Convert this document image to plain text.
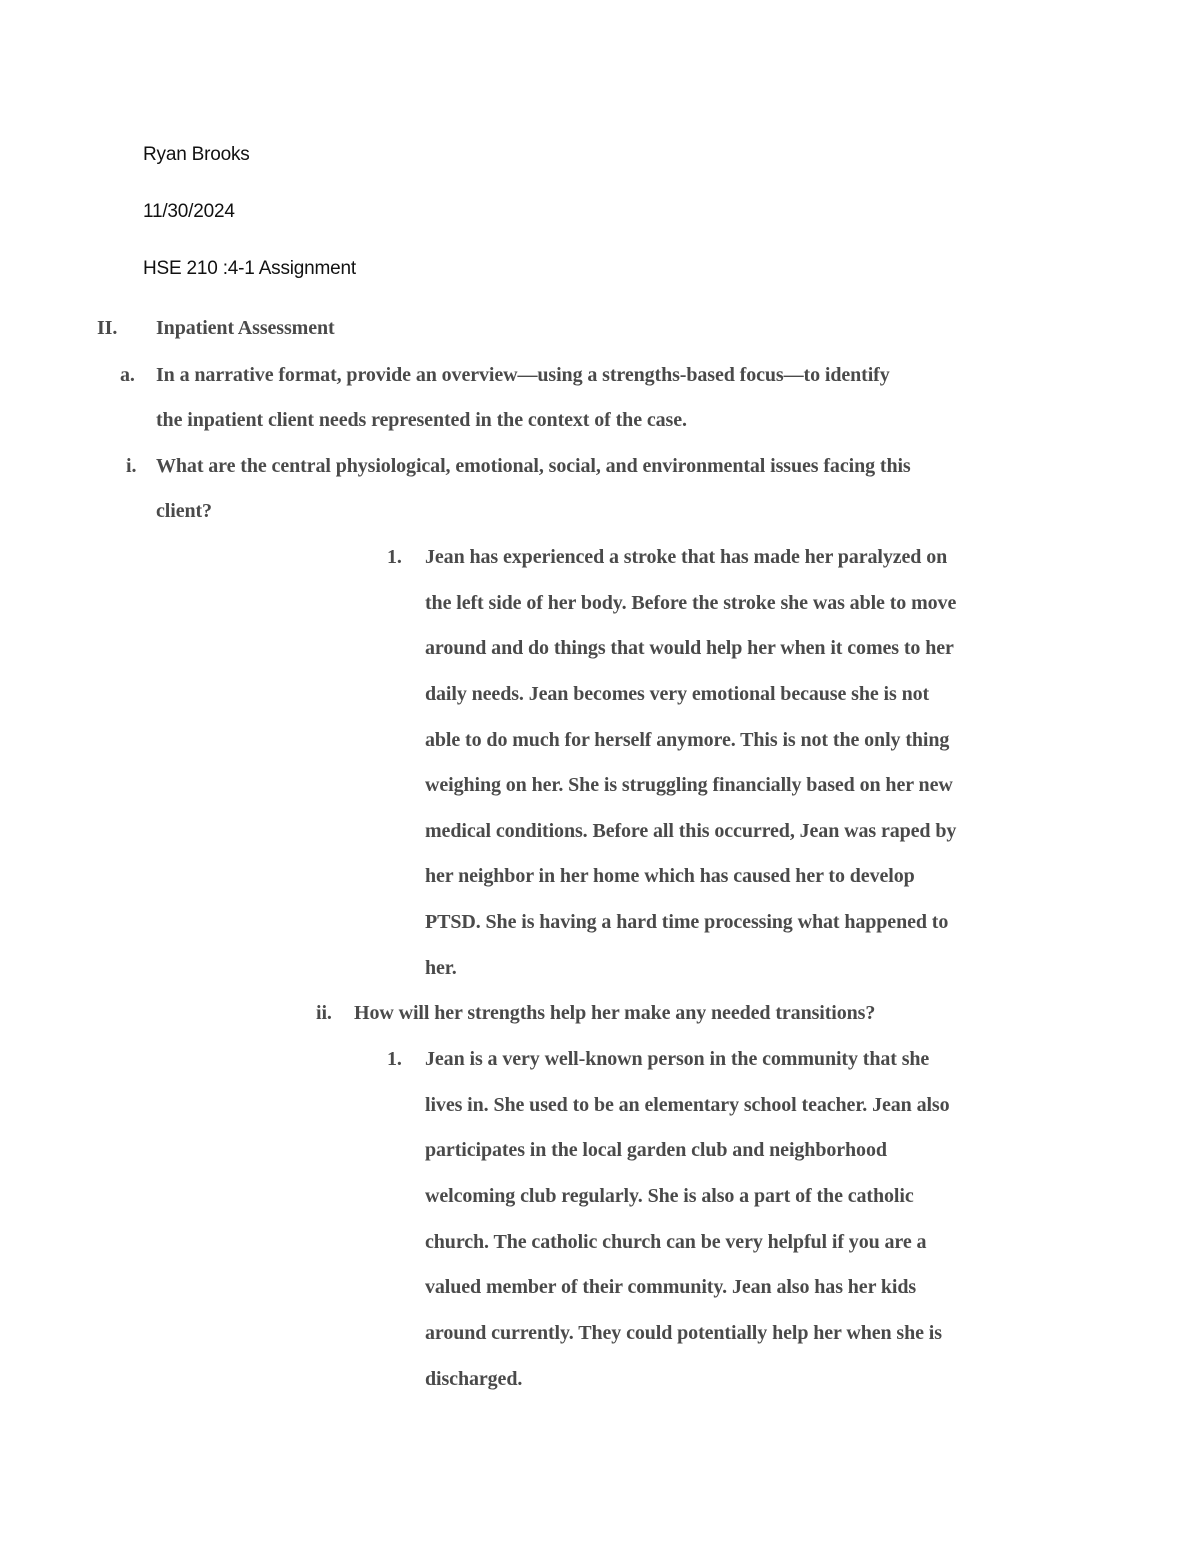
Ryan Brooks
11/30/2024
HSE 210 :4-1 Assignment
II. Inpatient Assessment
a. In a narrative format, provide an overview—using a strengths-based focus—to identify
the inpatient client needs represented in the context of the case.
i. What are the central physiological, emotional, social, and environmental issues facing this
client?
1. Jean has experienced a stroke that has made her paralyzed on
the left side of her body. Before the stroke she was able to move
around and do things that would help her when it comes to her
daily needs. Jean becomes very emotional because she is not
able to do much for herself anymore. This is not the only thing
weighing on her. She is struggling financially based on her new
medical conditions. Before all this occurred, Jean was raped by
her neighbor in her home which has caused her to develop
PTSD. She is having a hard time processing what happened to
her.
ii. How will her strengths help her make any needed transitions?
1. Jean is a very well-known person in the community that she
lives in. She used to be an elementary school teacher. Jean also
participates in the local garden club and neighborhood
welcoming club regularly. She is also a part of the catholic
church. The catholic church can be very helpful if you are a
valued member of their community. Jean also has her kids
around currently. They could potentially help her when she is
discharged.
